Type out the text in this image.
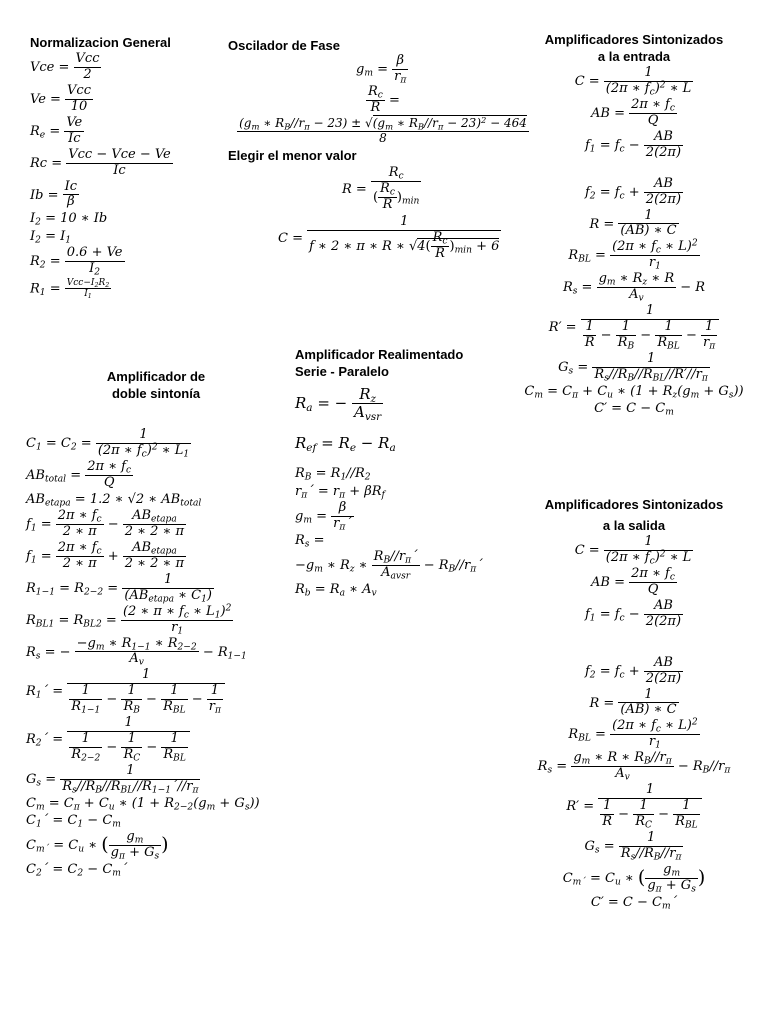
Normalizacion General
Vce =
Vcc
2
Ve =
Vcc
10
$R_e = \frac{Ve}{Ic}$
Rc =
Vcc − Vce − Ve
Ic
$Ib = \frac{Ic}{\beta}$
$I_2 = 10$ ∗ Ib
$I_2 = I_1$
$R_2 = \frac{0.6 + Ve}{I_2}$
$R_1 = Vcc-I_2R_2$
$I_1$
Amplificador de
doble sintonía
$C_1 = C_2 = \frac{1}{(2\pi ∗ f_c)^2 ∗ L_1}$
$AB_{total} = \frac{2\pi ∗ f_c}{Q}$
$AB_{etapa} = 1.2$ ∗ √2 ∗ $AB_{total}$
$f_1 = \frac{2\pi ∗ f_c}{2 ∗ \pi}$ −
$AB_{etapa}$
2 ∗ 2 ∗ π
$f_1 = \frac{2\pi ∗ f_c}{2 ∗ \pi}$ +
$AB_{etapa}$
2 ∗ 2 ∗ π
$R_{1-1} = R_{2-2}$ =
1
($AB_{etapa}$ ∗ $C_1$)
$R_{BL1} = R_{BL2} = \frac{(2 ∗ \pi ∗ f_c ∗ L_1)^2}{r_1}$
$R_s$ = − $\frac{-g_m ∗ R_{1-1} ∗ R_{2-2}}{A_v} - R_{1-1}$
$R_1´$ =
1
$\frac{1}{R_{1-1}} - \frac{1}{R_B}$ −
1
$R_{BL}$
− $\frac{1}{r_\pi}$
$R_2´$ =
1
$\frac{1}{R_{2-2}} - \frac{1}{R_C}$ −
1
$R_{BL}$
$G_s$ =
1
$R_s//R_B//R_{BL}//R_{1-1}´//r_\pi$
$C_m = C_\pi + C_u$ ∗ $(1 + R_{2-2}(g_m + G_s))$
$C_1´ = C_1 - C_m$
$C_{m´} = C_u$ ∗ ( $\frac{g_m}{g_\pi + G_s}$ )
$C_2´ = C_2$ − $C_m´$
Oscilador de Fase
$g_m = \frac{\beta}{r_\pi}$
$\frac{R_c}{R}$ =
$\frac{(g_m ∗ R_B//r_\pi - 23) \pm √(g_m ∗ R_B//r_\pi - 23)^2 - 464}{8}$
Elegir el menor valor
R =
$R_c$
( $\frac{R_c}{R} )_{min}$
C =
1
f ∗ 2 ∗ π ∗ R ∗ $√4( \frac{R_c}{R} )_{min} + 6$
Amplificador Realimentado
Serie - Paralelo
$R_a$ = − $R_z$
$A_{vsr}$
$R_{ef} = R_e - R_a$
$R_B = R_1//R_2$
$r_\pi´ = r_\pi + \beta R_f$
$g_m = \frac{\beta}{r_\pi´}$
$R_s$ =
$-g_m$ ∗ $R_z$ ∗
$R_B//r_\pi´$
$A_{avsr}$
− $R_B//r_\pi´$
$R_b = R_a$ ∗ $A_v$
Amplificadores Sintonizados
a la entrada
$C = \frac{1}{(2\pi ∗ f_c)^2 ∗ L}$
AB = $\frac{2\pi ∗ f_c}{Q}$
$f_1 = f_c - \frac{AB}{2(2\pi)}$
$f_2 = f_c + \frac{AB}{2(2\pi)}$
$R = \frac{1}{(AB) ∗ C}$
$R_{BL} = \frac{(2\pi ∗ f_c ∗ L)^2}{r_1}$
$R_s = \frac{g_m ∗ R_z ∗ R}{A_v} - R$
R′ =
1
$\frac{1}{R} - \frac{1}{R_B}$ −
1
$R_{BL}$
− $\frac{1}{r_\pi}$
$G_s$ =
1
$R_s//R_B//R_{BL}//R'//r_\pi$
$C_m = C_\pi + C_u$ ∗ $(1 + R_z(g_m + G_s))$
$C' = C - C_m$
Amplificadores Sintonizados
a la salida
$C = \frac{1}{(2\pi ∗ f_c)^2 ∗ L}$
AB = $\frac{2\pi ∗ f_c}{Q}$
$f_1 = f_c - \frac{AB}{2(2\pi)}$
$f_2 = f_c + \frac{AB}{2(2\pi)}$
$R = \frac{1}{(AB) ∗ C}$
$R_{BL} = \frac{(2\pi ∗ f_c ∗ L)^2}{r_1}$
$R_s = \frac{g_m ∗ R ∗ R_B//r_\pi}{A_v} - R_B//r_\pi$
R′ =
1
$\frac{1}{R} - \frac{1}{R_C}$ −
1
$R_{BL}$
$G_s = \frac{1}{R_s//R_B//r_\pi}$
$C_{m´} = C_u$ ∗ ( $\frac{g_m}{g_\pi + G_s}$ )
$C' = C - C_m´$
